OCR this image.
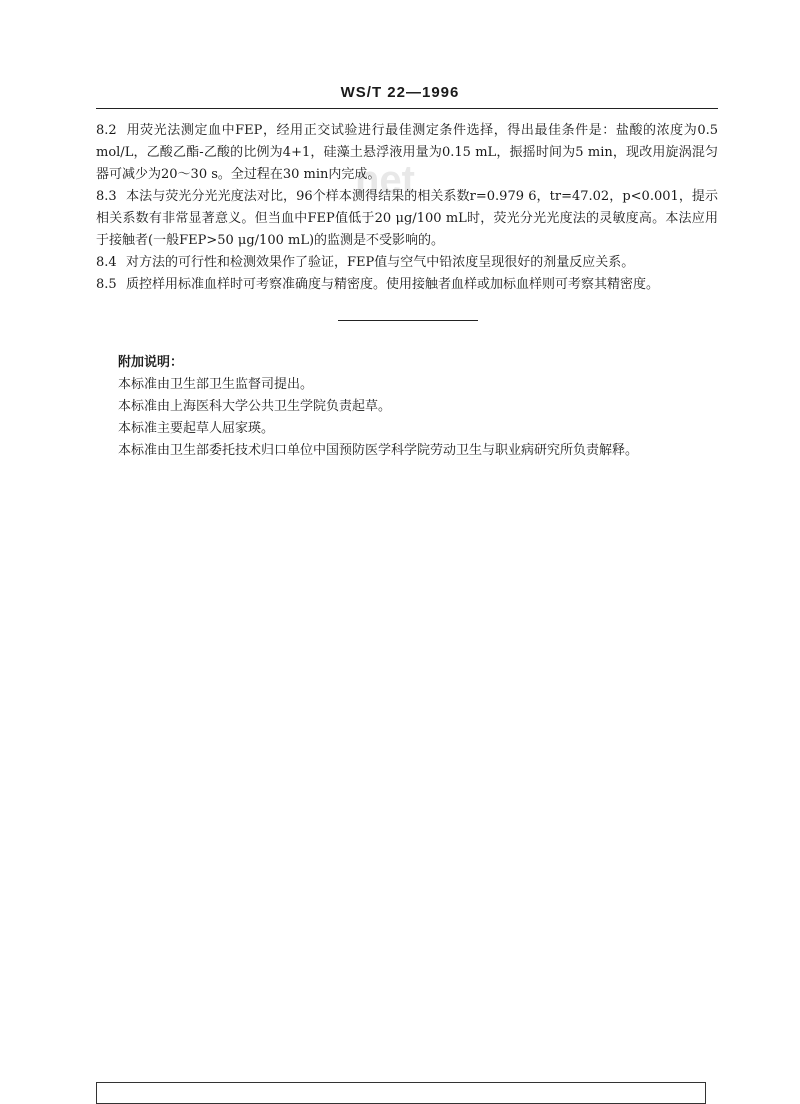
WS/T 22—1996
net
8.2 用荧光法测定血中FEP，经用正交试验进行最佳测定条件选择，得出最佳条件是：盐酸的浓度为0.5 mol/L，乙酸乙酯-乙酸的比例为4+1，硅藻土悬浮液用量为0.15 mL，振摇时间为5 min，现改用旋涡混匀器可减少为20～30 s。全过程在30 min内完成。
8.3 本法与荧光分光光度法对比，96个样本测得结果的相关系数r=0.979 6，tr=47.02，p<0.001，提示相关系数有非常显著意义。但当血中FEP值低于20 μg/100 mL时，荧光分光光度法的灵敏度高。本法应用于接触者(一般FEP>50 μg/100 mL)的监测是不受影响的。
8.4 对方法的可行性和检测效果作了验证，FEP值与空气中铅浓度呈现很好的剂量反应关系。
8.5 质控样用标准血样时可考察准确度与精密度。使用接触者血样或加标血样则可考察其精密度。
附加说明：
本标准由卫生部卫生监督司提出。
本标准由上海医科大学公共卫生学院负责起草。
本标准主要起草人屈家瑛。
本标准由卫生部委托技术归口单位中国预防医学科学院劳动卫生与职业病研究所负责解释。
